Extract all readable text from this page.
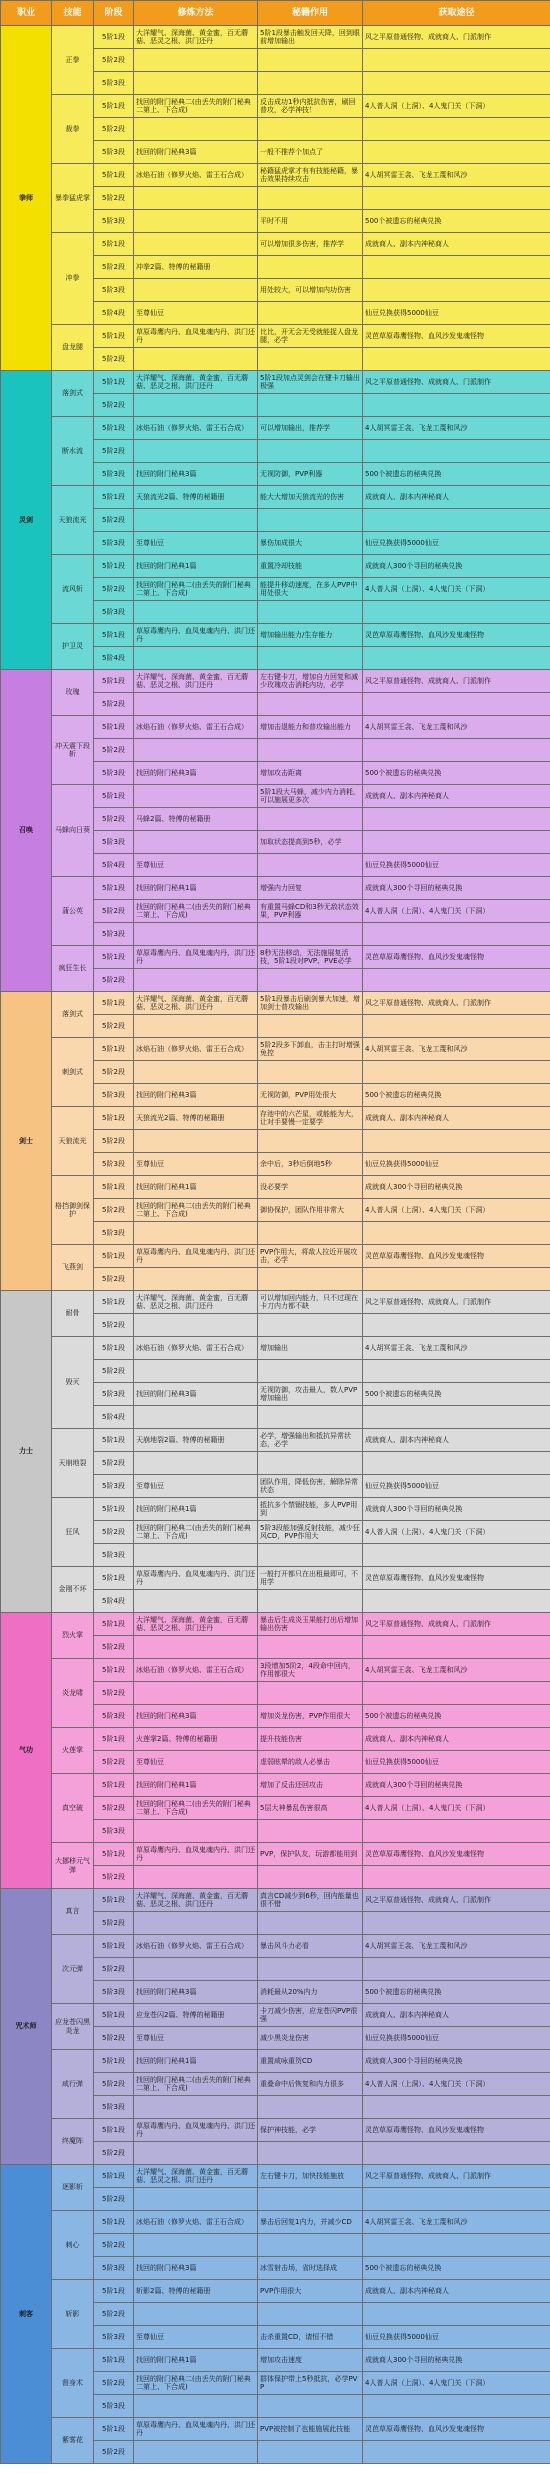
职业	技能	阶段	修炼方法	秘籍作用	获取途径
拳师	正拳	5阶1段	大洋耀气、深海菌、黄金蜜，百无蘑菇、恶灵之根、洪门还丹	5阶1段暴击触发回天降，回到眼前增加输出	风之平原普通怪物、成就商人、门派制作
		5阶2段			
		5阶3段			
	裁拳	5阶1段	找回的附门秘典二(由丢失的附门秘典二第上、下合成)	反击成功1秒内抵抗伤害，刷回普攻，必学神技！	4人普人洞（上洞）、4人鬼门关（下洞）
		5阶2段			
		5阶3段	找回的附门秘典3篇	一般不推荐个加点了	
	暴拳猛虎掌	5阶1段	冰焰石油（修罗火焰、雷王石合成）	秘籍猛虎掌才有有技能秘籍，暴击效果持续攻击	4人胡冥雷王衾、飞龙工蔑和风沙
		5阶2段			
		5阶3段		平时不用	500个被遗忘的秘典兑换
	冲拳	5阶1段		可以增加很多伤害，推荐学	成就商人、副本内神秘商人
		5阶2段	冲拳2篇、特傅的秘籍册		
		5阶3段		用处较大，可以增加内功伤害	
		5阶4段	至尊仙豆		仙豆兑换获得5000仙豆
	盘龙腿	5阶1段	草原毒鹰内丹、血凤鬼魂内丹、洪门还丹	比比，开无会无受就能捉人盘龙腿，必学	灵芭草原毒鹰怪物、血风沙发鬼魂怪物
		5阶2段			
灵剑	落剑式	5阶1段	大洋耀气、深海菌、黄金蜜，百无蘑菇、恶灵之根、洪门还丹	5阶1段加点灵剑会在键卡刀输出极强	风之平原普通怪物、成就商人、门派制作
		5阶2段			
	断水流	5阶1段	冰焰石油（修罗火焰、雷王石合成）	可以增加输出，推荐学	4人胡冥雷王衾、飞龙工蔑和风沙
		5阶2段			
		5阶3段	找回的附门秘典3篇	无视防御，PVP利器	500个被遗忘的秘典兑换
	天狼流光	5阶1段	天狼流光2篇、特傅的秘籍册	能大大增加天狼流光的伤害	成就商人、副本内神秘商人
		5阶2段			
		5阶3段	至尊仙豆	暴伤加成很大	仙豆兑换获得5000仙豆
	流风斩	5阶1段	找回的附门秘典1篇	重置冷却技能	成就商人300个寻回的秘典兑换
		5阶2段	找回的附门秘典二(由丢失的附门秘典二第上、下合成)	能提升移动速度，在多人PVP中用处很大	4人普人洞（上洞）、4人鬼门关（下洞）
		5阶3段			
	护卫灵	5阶1段	草原毒鹰内丹、血凤鬼魂内丹、洪门还丹	增加输出能力/生存能力	灵芭草原毒鹰怪物、血风沙发鬼魂怪物
		5阶4段			
召唤	玫瑰	5阶1段	大洋耀气、深海菌、黄金蜜，百无蘑菇、恶灵之根、洪门还丹	左右键卡刀，增加自力回复和减少玫瑰攻击消耗内功，必学	风之平原普通怪物、成就商人、门派制作
		5阶2段			
	冲天震下段斩	5阶1段	冰焰石油（修罗火焰、雷王石合成）	增加击退能力和普攻输出能力	4人胡冥雷王衾、飞龙工蔑和风沙
		5阶2段			
		5阶3段	找回的附门秘典3篇	增加攻击距离	500个被遗忘的秘典兑换
	马蜂向日葵	5阶1段		5阶1段大马蜂，减少内力消耗，可以施展更多次	成就商人、副本内神秘商人
		5阶2段	马蜂2篇、特傅的秘籍册		
		5阶3段		加取状态提高到5秒，必学	
		5阶4段	至尊仙豆		仙豆兑换获得5000仙豆
	蒲公英	5阶1段	找回的附门秘典1篇	增强内力回复	成就商人300个寻回的秘典兑换
		5阶2段	找回的附门秘典二(由丢失的附门秘典二第上、下合成)	有重置马蜂CD和3秒无敌状态效果，PVP利器	4人普人洞（上洞）、4人鬼门关（下洞）
		5阶3段			
	疯狂生长	5阶1段	草原毒鹰内丹、血凤鬼魂内丹、洪门还丹	8秒无法移动，无法施展复活技，5阶1段对PVP、PVE必学	灵芭草原毒鹰怪物、血风沙发鬼魂怪物
		5阶2段			
剑士	落剑式	5阶1段	大洋耀气、深海菌、黄金蜜，百无蘑菇、恶灵之根、洪门还丹	5阶1段暴击后刷剑暴大加速，增加剑士普攻输出	风之平原普通怪物、成就商人、门派制作
		5阶2段			
	刺剑式	5阶1段	冰焰石油（修罗火焰、雷王石合成）	5阶2段多下卸血，击主打时增强免控	4人胡冥雷王衾、飞龙工蔑和风沙
		5阶2段			
		5阶3段	找回的附门秘典3篇	无视防御，PVP用处很大	500个被遗忘的秘典兑换
	天狼流光	5阶1段	天狼流光2篇、特傅的秘籍册	存池中的六芒星，或能能为大，让对手要慢一定要学	成就商人、副本内神秘商人
		5阶2段			
		5阶3段	至尊仙豆	余中后，3秒后倒地5秒	仙豆兑换获得5000仙豆
	格挡御剑保护	5阶1段	找回的附门秘典1篇	没必要学	成就商人300个寻回的秘典兑换
		5阶2段	找回的附门秘典二(由丢失的附门秘典二第上、下合成)	御协保护，团队作用非常大	4人普人洞（上洞）、4人鬼门关（下洞）
		5阶3段			
	飞燕剑	5阶1段	草原毒鹰内丹、血凤鬼魂内丹、洪门还丹	PVP作用大，将敌人拉近开展攻击，必学	灵芭草原毒鹰怪物、血风沙发鬼魂怪物
		5阶2段			
力士	耐骨	5阶1段	大洋耀气、深海菌、黄金蜜，百无蘑菇、恶灵之根、洪门还丹	可以增加回内能力，只不过现在卡刀内力都不缺	风之平原普通怪物、成就商人、门派制作
		5阶2段			
	毁灭	5阶1段	冰焰石油（修罗火焰、雷王石合成）	增加输出	4人胡冥雷王衾、飞龙工蔑和风沙
		5阶2段			
		5阶3段	找回的附门秘典3篇	无视防御，攻击最人，数人PVP增加输出	500个被遗忘的秘典兑换
		5阶4段			
	天崩地裂	5阶1段	天崩地裂2篇、特傅的秘籍册	必学，增强输出和抵抗异常状态，必学	成就商人、副本内神秘商人
		5阶2段			
		5阶3段	至尊仙豆	团队作用，降低伤害，解除异常状态	仙豆兑换获得5000仙豆
	狂风	5阶1段	找回的附门秘典1篇	抵抗多个禁锢技能，多人PVP用到	成就商人300个寻回的秘典兑换
		5阶2段	找回的附门秘典二(由丢失的附门秘典二第上、下合成)	5阶3段能加强反射技能，减少狂风CD，PVP作用大	4人普人洞（上洞）、4人鬼门关（下洞）
		5阶3段			
	金刚不坏	5阶1段	草原毒鹰内丹、血凤鬼魂内丹、洪门还丹	一般打开都只在出租最即可，不用学	灵芭草原毒鹰怪物、血风沙发鬼魂怪物
		5阶4段			
气功	烈火掌	5阶1段	大洋耀气、深海菌、黄金蜜，百无蘑菇、恶灵之根、洪门还丹	暴击后生成炎玉果能打出后增加输出伤害	风之平原普通怪物、成就商人、门派制作
		5阶2段			
	炎龙啸	5阶1段	冰焰石油（修罗火焰、雷王石合成）	3段增加5阶2，4段命中回内，作用都很大	4人胡冥雷王衾、飞龙工蔑和风沙
		5阶2段			
		5阶3段	找回的附门秘典3篇	增加炎龙伤害，PVP作用很大	500个被遗忘的秘典兑换
	火莲掌	5阶1段	火莲掌2篇、特傅的秘籍册	提升技能伤害	成就商人、副本内神秘商人
		5阶2段	至尊仙豆	虚弱眩晕的敌人必暴击	仙豆兑换获得5000仙豆
	真空破	5阶1段	找回的附门秘典1篇	增加了反击还回攻击	成就商人300个寻回的秘典兑换
		5阶2段	找回的附门秘典二(由丢失的附门秘典二第上、下合成)	5层大神暴乱伤害很高	4人普人洞（上洞）、4人鬼门关（下洞）
		5阶3段			
	大挪移元气弹	5阶1段	草原毒鹰内丹、血凤鬼魂内丹、洪门还丹	PVP，保护队友，玩游都能用到	灵芭草原毒鹰怪物、血风沙发鬼魂怪物
		5阶2段			
咒术师	真言	5阶1段	大洋耀气、深海菌、黄金蜜，百无蘑菇、恶灵之根、洪门还丹	真言CD减少到6秒，回内能量也很不错	风之平原普通怪物、成就商人、门派制作
		5阶2段			
	次元弹	5阶1段	冰焰石油（修罗火焰、雷王石合成）	暴击风斗力必看	4人胡冥雷王衾、飞龙工蔑和风沙
		5阶2段			
		5阶3段	找回的附门秘典3篇	消耗最从20%内力	500个被遗忘的秘典兑换
	应龙苍闪黑炎龙	5阶1段	应龙苍闪2篇、特傅的秘籍册	卡刀减少伤害，应龙苍闪PVP很强	成就商人、副本内神秘商人
		5阶2段	至尊仙豆	减少黑炎龙伤害	仙豆兑换获得5000仙豆
	咸行弹	5阶1段	找回的附门秘典1篇	重置咸咏重贺CD	成就商人300个寻回的秘典兑换
		5阶2段	找回的附门秘典二(由丢失的附门秘典二第上、下合成)	重叠命中后恢复和内力很多	4人普人洞（上洞）、4人鬼门关（下洞）
		5阶3段			
	终魔阵	5阶1段	草原毒鹰内丹、血凤鬼魂内丹、洪门还丹	保护神技能，必学	灵芭草原毒鹰怪物、血风沙发鬼魂怪物
		5阶2段			
刺客	逐影斩	5阶1段	大洋耀气、深海菌、黄金蜜，百无蘑菇、恶灵之根、洪门还丹	左右键卡刀，加快技能施放	风之平原普通怪物、成就商人、门派制作
		5阶2段			
	刺心	5阶1段	冰焰石油（修罗火焰、雷王石合成）	暴击后回复1内力，并减少CD	4人胡冥雷王衾、飞龙工蔑和风沙
		5阶2段			
		5阶3段	找回的附门秘典3篇	冰雪射击场，省时选择成	500个被遗忘的秘典兑换
	斩影	5阶1段	斩影2篇、特傅的秘籍册	PVP作用很大	成就商人、副本内神秘商人
		5阶2段			
		5阶3段	至尊仙豆	击杀重置CD，请恒不错	仙豆兑换获得5000仙豆
	督身术	5阶1段	找回的附门秘典1篇	增加攻击速度	成就商人300个寻回的秘典兑换
		5阶2段	找回的附门秘典二(由丢失的附门秘典二第上、下合成)	群体保护带上5秒抵抗，必学PVP	4人普人洞（上洞）、4人鬼门关（下洞）
		5阶3段			
	紫雾花	5阶1段	草原毒鹰内丹、血凤鬼魂内丹、洪门还丹	PVP被控制了也能施展此技能	灵芭草原毒鹰怪物、血风沙发鬼魂怪物
		5阶2段			
